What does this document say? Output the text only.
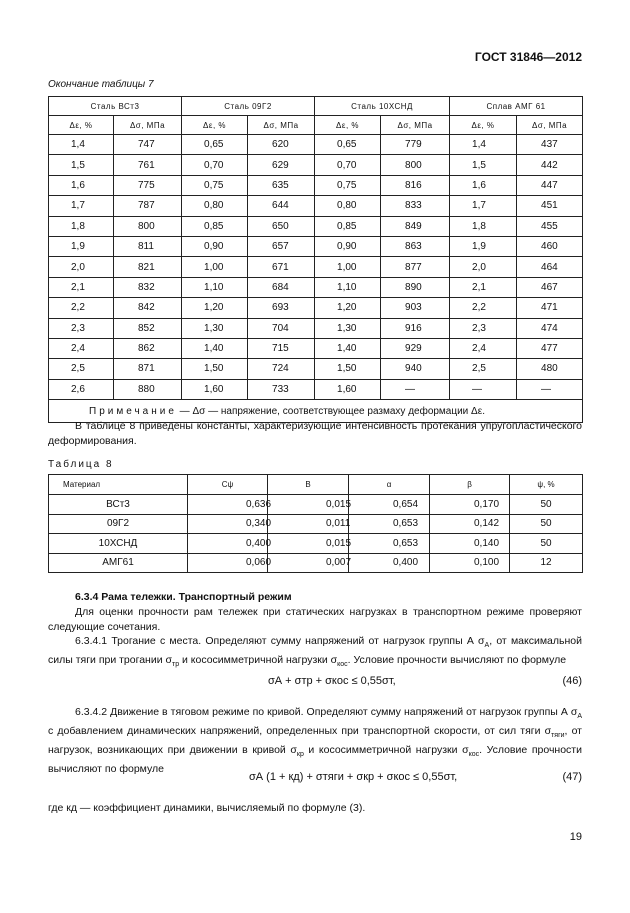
ГОСТ 31846—2012
Окончание таблицы 7
Сталь ВСт3		Сталь 09Г2		Сталь 10ХСНД		Сплав АМГ 61	
Δε, %	Δσ, МПа	Δε, %	Δσ, МПа	Δε, %	Δσ, МПа	Δε, %	Δσ, МПа
1,4	747	0,65	620	0,65	779	1,4	437
1,5	761	0,70	629	0,70	800	1,5	442
1,6	775	0,75	635	0,75	816	1,6	447
1,7	787	0,80	644	0,80	833	1,7	451
1,8	800	0,85	650	0,85	849	1,8	455
1,9	811	0,90	657	0,90	863	1,9	460
2,0	821	1,00	671	1,00	877	2,0	464
2,1	832	1,10	684	1,10	890	2,1	467
2,2	842	1,20	693	1,20	903	2,2	471
2,3	852	1,30	704	1,30	916	2,3	474
2,4	862	1,40	715	1,40	929	2,4	477
2,5	871	1,50	724	1,50	940	2,5	480
2,6	880	1,60	733	1,60	—	—	—
Примечание — Δσ — напряжение, соответствующее размаху деформации Δε.							
В таблице 8 приведены константы, характеризующие интенсивность протекания упругопластического деформирования.
Таблица 8
Материал	Cψ	B	α	β	ψ, %
ВСт3	0,636	0,015	0,654	0,170	50
09Г2	0,340	0,011	0,653	0,142	50
10ХСНД	0,400	0,015	0,653	0,140	50
АМГ61	0,060	0,007	0,400	0,100	12
6.3.4 Рама тележки. Транспортный режим
Для оценки прочности рам тележек при статических нагрузках в транспортном режиме проверяют следующие сочетания.
6.3.4.1 Трогание с места. Определяют сумму напряжений от нагрузок группы А $\sigma_А$, от максимальной силы тяги при трогании $\sigma_{тр}$ и кососимметричной нагрузки $\sigma_{кос}$. Условие прочности вычисляют по формуле
σА + σтр + σкос ≤ 0,55σт,	(46)
6.3.4.2 Движение в тяговом режиме по кривой. Определяют сумму напряжений от нагрузок группы А $\sigma_А$ с добавлением динамических напряжений, определенных при транспортной скорости, от сил тяги $\sigma_{тяги}$, от нагрузок, возникающих при движении в кривой $\sigma_{кр}$ и кососимметричной нагрузки $\sigma_{кос}$. Условие прочности вычисляют по формуле
σА (1 + кд) + σтяги + σкр + σкос ≤ 0,55σт,	(47)
где кд — коэффициент динамики, вычисляемый по формуле (3).
19
